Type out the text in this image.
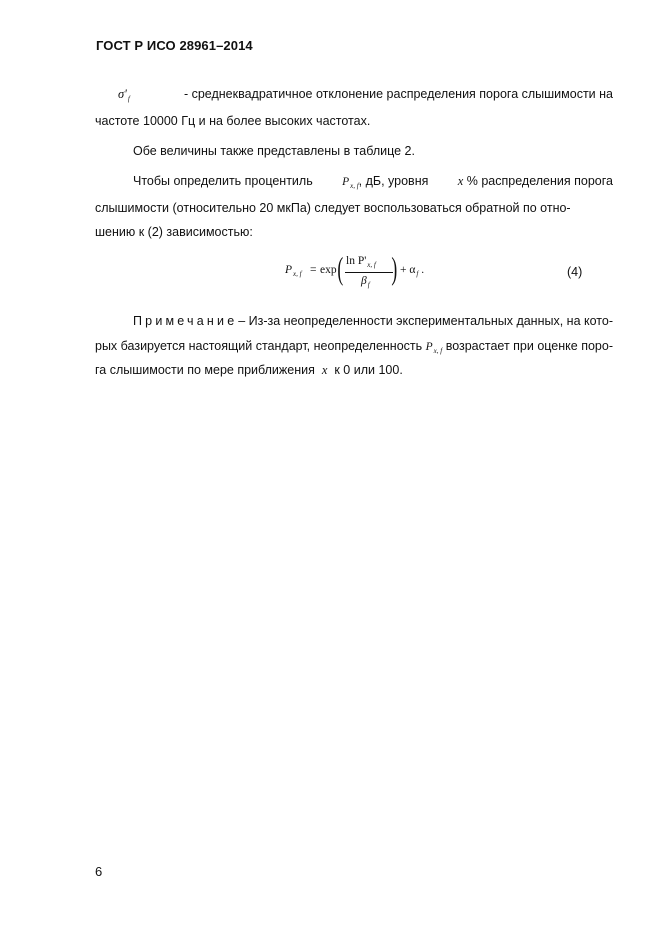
ГОСТ Р ИСО 28961–2014
$\sigma'_f$	- среднеквадратичное отклонение распределения порога слышимости на
частоте 10000 Гц и на более высоких частотах.
Обе величины также представлены в таблице 2.
Чтобы определить процентиль	$P_{x, f}$, дБ, уровня x % распределения порога
слышимости (относительно 20 мкПа) следует воспользоваться обратной по отно-
шению к (2) зависимостью:
$P_{x, f} = \exp$ ( $\ln P'_{x, f}$
$\beta_f$ ) + $\alpha_f$ .	(4)
Примечание – Из-за неопределенности экспериментальных данных, на кото-
рых базируется настоящий стандарт, неопределенность $P_{x, f}$ возрастает при оценке поро-
га слышимости по мере приближения x к 0 или 100.
6
